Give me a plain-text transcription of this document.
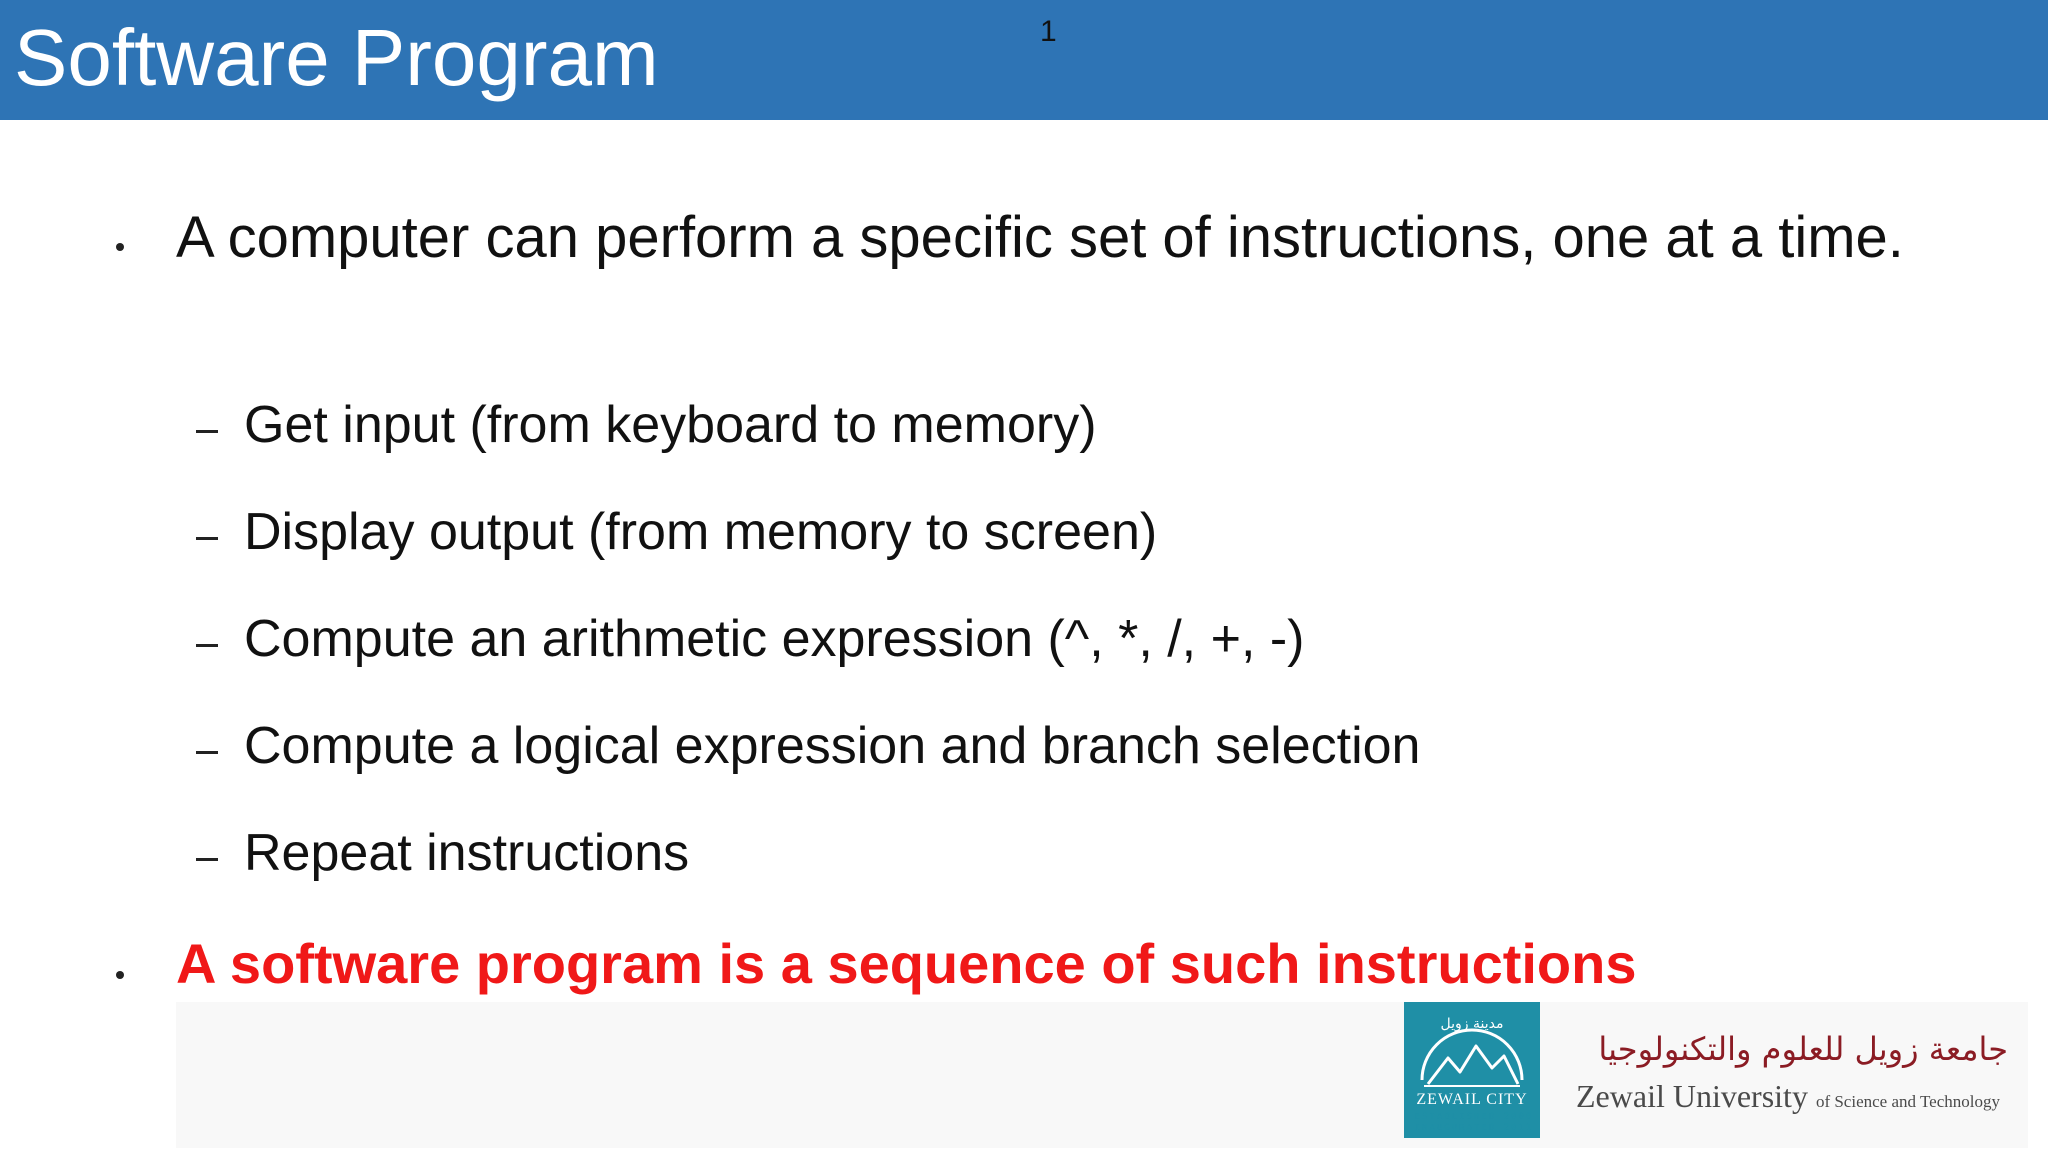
Software Program	1
A computer can perform a specific set of instructions, one at a time.
Get input (from keyboard to memory)
Display output (from memory to screen)
Compute an arithmetic expression (^, *, /, +, -)
Compute a logical expression and branch selection
Repeat instructions
A software program is a sequence of such instructions
مدينة زويل
ZEWAIL CITY
ESTABLISHED 2000
INAUGURATED 2011
جامعة زويل للعلوم والتكنولوجيا
Zewail University of Science and Technology
